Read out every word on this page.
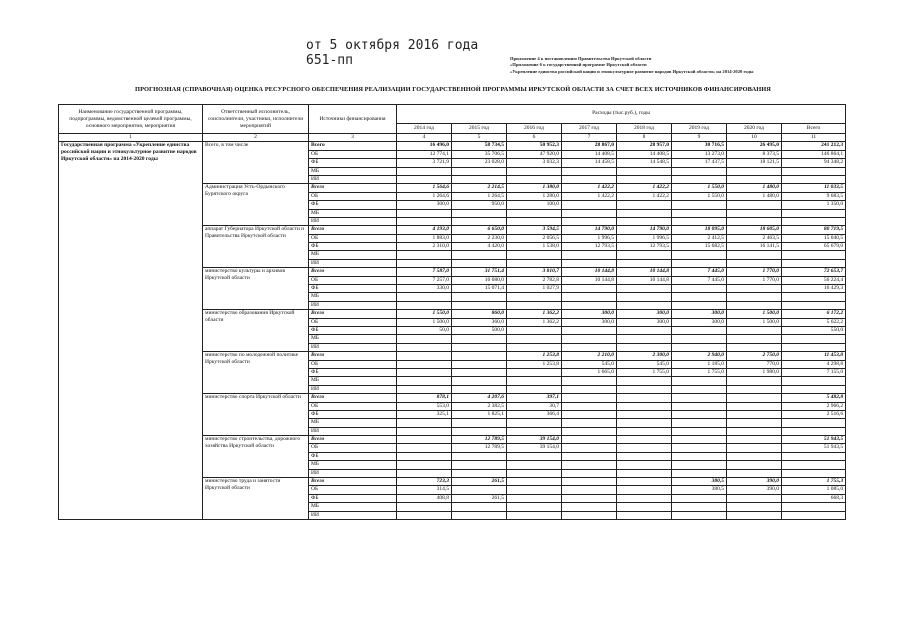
от 5 октября 2016 года
651-пп	Приложение 4 к постановлению Правительства Иркутской области
«Приложение 6 к государственной программе Иркутской области
«Укрепление единства российской нации и этнокультурное развитие народов Иркутской области» на 2014-2020 годы
ПРОГНОЗНАЯ (СПРАВОЧНАЯ) ОЦЕНКА РЕСУРСНОГО ОБЕСПЕЧЕНИЯ РЕАЛИЗАЦИИ ГОСУДАРСТВЕННОЙ ПРОГРАММЫ ИРКУТСКОЙ ОБЛАСТИ ЗА СЧЕТ ВСЕХ ИСТОЧНИКОВ ФИНАНСИРОВАНИЯ
Наименование государственной программы, подпрограммы, ведомственной целевой программы, основного мероприятия, мероприятия	Ответственный исполнитель, соисполнители, участники, исполнители мероприятий	Источники финансирования	Расходы (тыс.руб.), годы							
			2014 год	2015 год	2016 год	2017 год	2018 год	2019 год	2020 год	Всего
1	2	3	4	5	6	7	8	9	10	11
Государственная программа «Укрепление единства российской нации и этнокультурное развитие народов Иркутской области» на 2014-2020 годы	Всего, в том числе	Всего	16 496,0	58 734,5	50 952,3	28 867,0	28 957,0	30 716,5	26 495,0	241 212,3
		ОБ	12 774,1	35 706,5	47 920,0	14 408,5	14 408,5	13 273,0	8 373,5	146 864,1
		ФБ	3 721,9	23 028,0	3 032,3	14 458,5	14 548,5	17 437,5	18 121,5	94 348,2
		МБ								
		ИИ								
	Администрация Усть-Ордынского Бурятского округа	Всего	1 564,6	2 214,5	1 380,0	1 422,2	1 422,2	1 550,0	1 480,0	11 033,5
		ОБ	1 264,6	1 264,5	1 280,0	1 422,2	1 422,2	1 550,0	1 480,0	9 683,5
		ФБ	300,0	950,0	100,0					1 350,0
		МБ								
		ИИ								
	аппарат Губернатора Иркутской области и Правительства Иркутской области	Всего	4 193,0	6 650,0	3 594,5	14 790,0	14 790,0	18 095,0	18 605,0	80 719,5
		ОБ	1 883,0	2 230,0	2 056,5	1 996,5	1 996,5	2 412,5	2 463,5	15 040,5
		ФБ	2 310,0	4 420,0	1 538,0	12 793,5	12 793,5	15 682,5	16 141,5	65 679,0
		МБ								
		ИИ								
	министерство культуры и архивов Иркутской области	Всего	7 587,0	31 751,4	3 810,7	10 144,8	10 144,8	7 445,0	1 770,0	72 653,7
		ОБ	7 257,0	16 680,0	2 782,8	10 144,8	10 144,8	7 445,0	1 770,0	56 224,4
		ФБ	330,0	15 071,4	1 027,9					16 429,3
		МБ								
		ИИ								
	министерство образования Иркутской области	Всего	1 550,0	860,0	1 362,2	300,0	300,0	300,0	1 500,0	6 172,2
		ОБ	1 500,0	360,0	1 362,2	300,0	300,0	300,0	1 500,0	5 622,2
		ФБ	50,0	500,0						550,0
		МБ								
		ИИ								
	министерство по молодежной политике Иркутской области	Всего			1 253,8	2 210,0	2 300,0	2 940,0	2 750,0	11 453,8
		ОБ			1 253,8	545,0	545,0	1 185,0	770,0	4 298,8
		ФБ				1 665,0	1 755,0	1 755,0	1 980,0	7 155,0
		МБ								
		ИИ								
	министерство спорта Иркутской области	Всего	878,1	4 207,6	397,1					5 482,8
		ОБ	553,0	2 382,5	30,7					2 966,2
		ФБ	325,1	1 825,1	366,4					2 516,6
		МБ								
		ИИ								
	министерство строительства, дорожного хозяйства Иркутской области	Всего		12 789,5	39 154,0					51 943,5
		ОБ		12 789,5	39 154,0					51 943,5
		ФБ								
		МБ								
		ИИ								
	министерство труда и занятости Иркутской области	Всего	723,3	261,5				380,5	390,0	1 755,3
		ОБ	314,5					380,5	390,0	1 085,0
		ФБ	408,8	261,5						668,3
		МБ								
		ИИ								
